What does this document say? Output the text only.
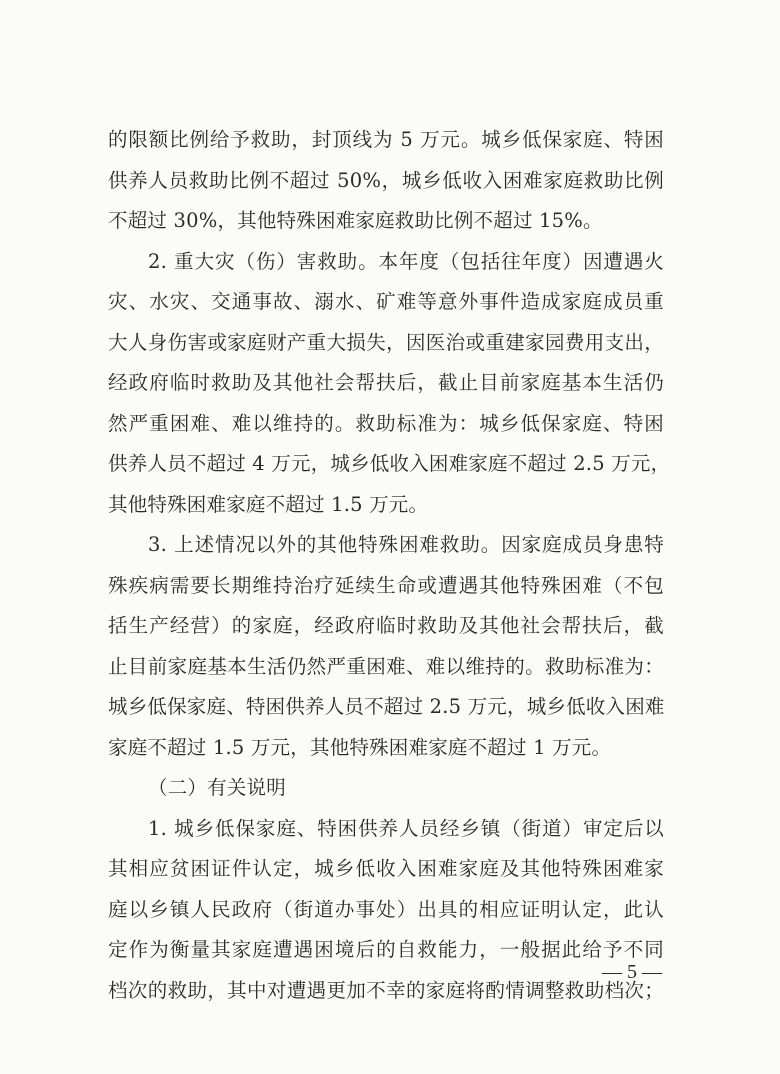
的限额比例给予救助，封顶线为 5 万元。城乡低保家庭、特困
供养人员救助比例不超过 50%，城乡低收入困难家庭救助比例
不超过 30%，其他特殊困难家庭救助比例不超过 15%。
2. 重大灾（伤）害救助。本年度（包括往年度）因遭遇火
灾、水灾、交通事故、溺水、矿难等意外事件造成家庭成员重
大人身伤害或家庭财产重大损失，因医治或重建家园费用支出，
经政府临时救助及其他社会帮扶后，截止目前家庭基本生活仍
然严重困难、难以维持的。救助标准为：城乡低保家庭、特困
供养人员不超过 4 万元，城乡低收入困难家庭不超过 2.5 万元，
其他特殊困难家庭不超过 1.5 万元。
3. 上述情况以外的其他特殊困难救助。因家庭成员身患特
殊疾病需要长期维持治疗延续生命或遭遇其他特殊困难（不包
括生产经营）的家庭，经政府临时救助及其他社会帮扶后，截
止目前家庭基本生活仍然严重困难、难以维持的。救助标准为：
城乡低保家庭、特困供养人员不超过 2.5 万元，城乡低收入困难
家庭不超过 1.5 万元，其他特殊困难家庭不超过 1 万元。
（二）有关说明
1. 城乡低保家庭、特困供养人员经乡镇（街道）审定后以
其相应贫困证件认定，城乡低收入困难家庭及其他特殊困难家
庭以乡镇人民政府（街道办事处）出具的相应证明认定，此认
定作为衡量其家庭遭遇困境后的自救能力，一般据此给予不同
档次的救助，其中对遭遇更加不幸的家庭将酌情调整救助档次；
— 5 —
